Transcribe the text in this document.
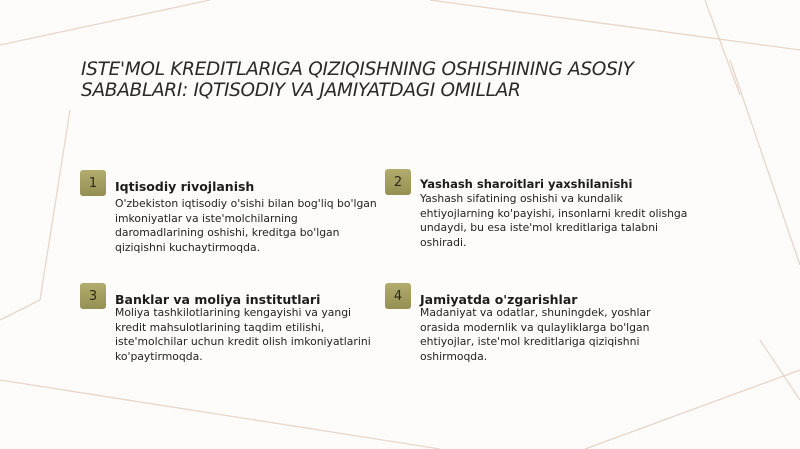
ISTE'MOL KREDITLARIGA QIZIQISHNING OSHISHINING ASOSIY SABABLARI: IQTISODIY VA JAMIYATDAGI OMILLAR
1	Iqtisodiy rivojlanish

O'zbekiston iqtisodiy o'sishi bilan bog'liq bo'lgan imkoniyatlar va iste'molchilarning daromadlarining oshishi, kreditga bo'lgan qiziqishni kuchaytirmoqda.

2	Yashash sharoitlari yaxshilanishi

Yashash sifatining oshishi va kundalik ehtiyojlarning ko'payishi, insonlarni kredit olishga undaydi, bu esa iste'mol kreditlariga talabni oshiradi.

3	Banklar va moliya institutlari

Moliya tashkilotlarining kengayishi va yangi kredit mahsulotlarining taqdim etilishi, iste'molchilar uchun kredit olish imkoniyatlarini ko'paytirmoqda.

4	Jamiyatda o'zgarishlar

Madaniyat va odatlar, shuningdek, yoshlar orasida modernlik va qulayliklarga bo'lgan ehtiyojlar, iste'mol kreditlariga qiziqishni oshirmoqda.
